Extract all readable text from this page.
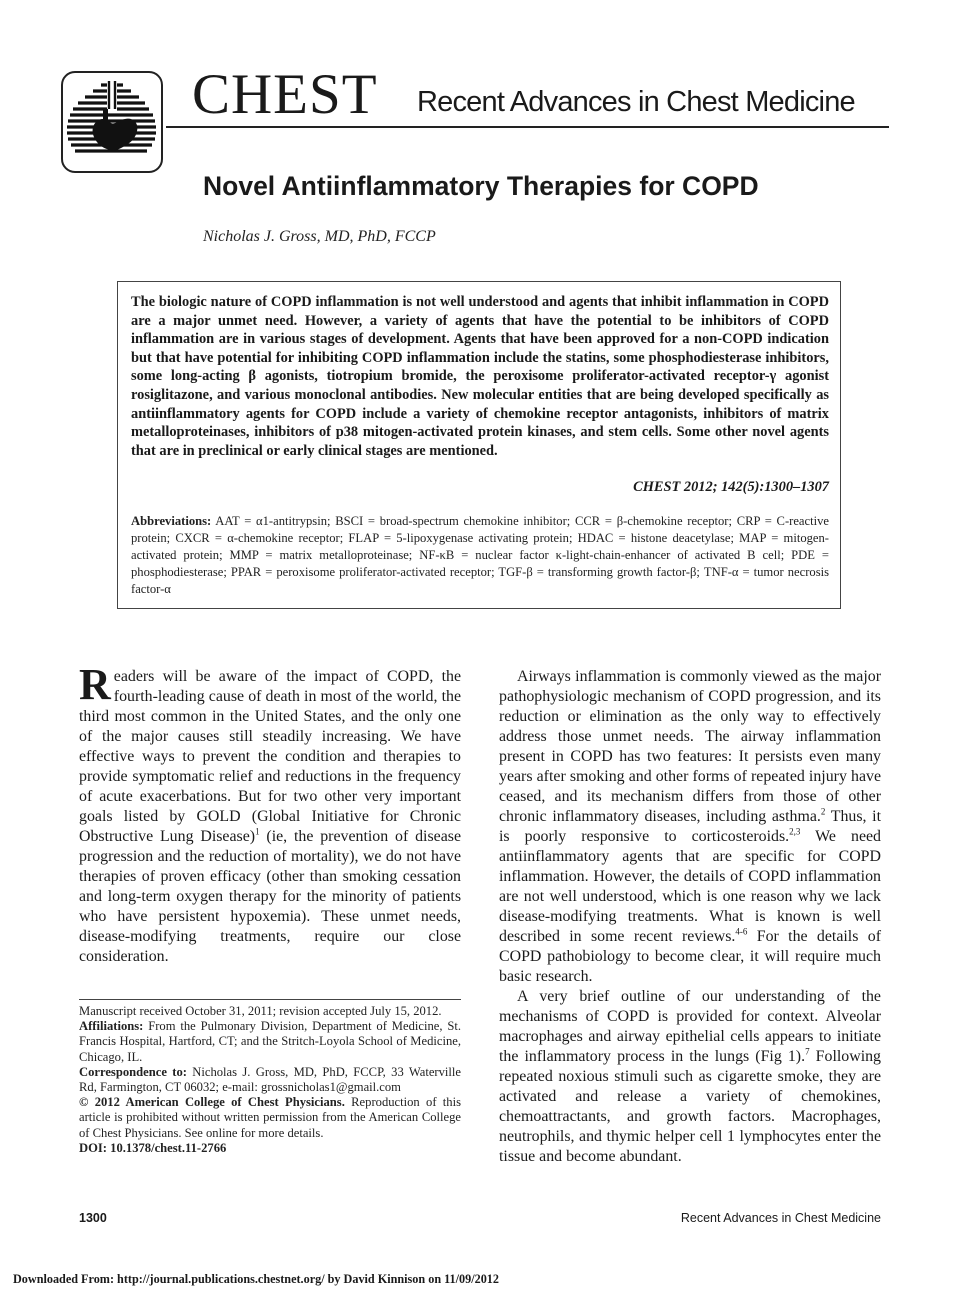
CHEST Recent Advances in Chest Medicine
Novel Antiinflammatory Therapies for COPD
Nicholas J. Gross, MD, PhD, FCCP
The biologic nature of COPD inflammation is not well understood and agents that inhibit inflammation in COPD are a major unmet need. However, a variety of agents that have the potential to be inhibitors of COPD inflammation are in various stages of development. Agents that have been approved for a non-COPD indication but that have potential for inhibiting COPD inflammation include the statins, some phosphodiesterase inhibitors, some long-acting β agonists, tiotropium bromide, the peroxisome proliferator-activated receptor-γ agonist rosiglitazone, and various monoclonal antibodies. New molecular entities that are being developed specifically as antiinflammatory agents for COPD include a variety of chemokine receptor antagonists, inhibitors of matrix metalloproteinases, inhibitors of p38 mitogen-activated protein kinases, and stem cells. Some other novel agents that are in preclinical or early clinical stages are mentioned.
CHEST 2012; 142(5):1300–1307
Abbreviations: AAT = α1-antitrypsin; BSCI = broad-spectrum chemokine inhibitor; CCR = β-chemokine receptor; CRP = C-reactive protein; CXCR = α-chemokine receptor; FLAP = 5-lipoxygenase activating protein; HDAC = histone deacetylase; MAP = mitogen-activated protein; MMP = matrix metalloproteinase; NF-κB = nuclear factor κ-light-chain-enhancer of activated B cell; PDE = phosphodiesterase; PPAR = peroxisome proliferator-activated receptor; TGF-β = transforming growth factor-β; TNF-α = tumor necrosis factor-α

Readers will be aware of the impact of COPD, the fourth-leading cause of death in most of the world, the third most common in the United States, and the only one of the major causes still steadily increasing. We have effective ways to prevent the condition and therapies to provide symptomatic relief and reductions in the frequency of acute exacerbations. But for two other very important goals listed by GOLD (Global Initiative for Chronic Obstructive Lung Disease)$^1$ (ie, the prevention of disease progression and the reduction of mortality), we do not have therapies of proven efficacy (other than smoking cessation and long-term oxygen therapy for the minority of patients who have persistent hypoxemia). These unmet needs, disease-modifying treatments, require our close consideration.

Manuscript received October 31, 2011; revision accepted July 15, 2012.

Affiliations: From the Pulmonary Division, Department of Medicine, St. Francis Hospital, Hartford, CT; and the Stritch-Loyola School of Medicine, Chicago, IL.

Correspondence to: Nicholas J. Gross, MD, PhD, FCCP, 33 Waterville Rd, Farmington, CT 06032; e-mail: grossnicholas1@gmail.com

© 2012 American College of Chest Physicians. Reproduction of this article is prohibited without written permission from the American College of Chest Physicians. See online for more details.

DOI: 10.1378/chest.11-2766

Airways inflammation is commonly viewed as the major pathophysiologic mechanism of COPD progression, and its reduction or elimination as the only way to effectively address those unmet needs. The airway inflammation present in COPD has two features: It persists even many years after smoking and other forms of repeated injury have ceased, and its mechanism differs from those of other chronic inflammatory diseases, including asthma.$^2$ Thus, it is poorly responsive to corticosteroids.$^{2,3}$ We need antiinflammatory agents that are specific for COPD inflammation. However, the details of COPD inflammation are not well understood, which is one reason why we lack disease-modifying treatments. What is known is well described in some recent reviews.$^{4-6}$ For the details of COPD pathobiology to become clear, it will require much basic research.

A very brief outline of our understanding of the mechanisms of COPD is provided for context. Alveolar macrophages and airway epithelial cells appears to initiate the inflammatory process in the lungs (Fig 1).$^7$ Following repeated noxious stimuli such as cigarette smoke, they are activated and release a variety of chemokines, chemoattractants, and growth factors. Macrophages, neutrophils, and thymic helper cell 1 lymphocytes enter the tissue and become abundant.

1300	Recent Advances in Chest Medicine
Downloaded From: http://journal.publications.chestnet.org/ by David Kinnison on 11/09/2012
